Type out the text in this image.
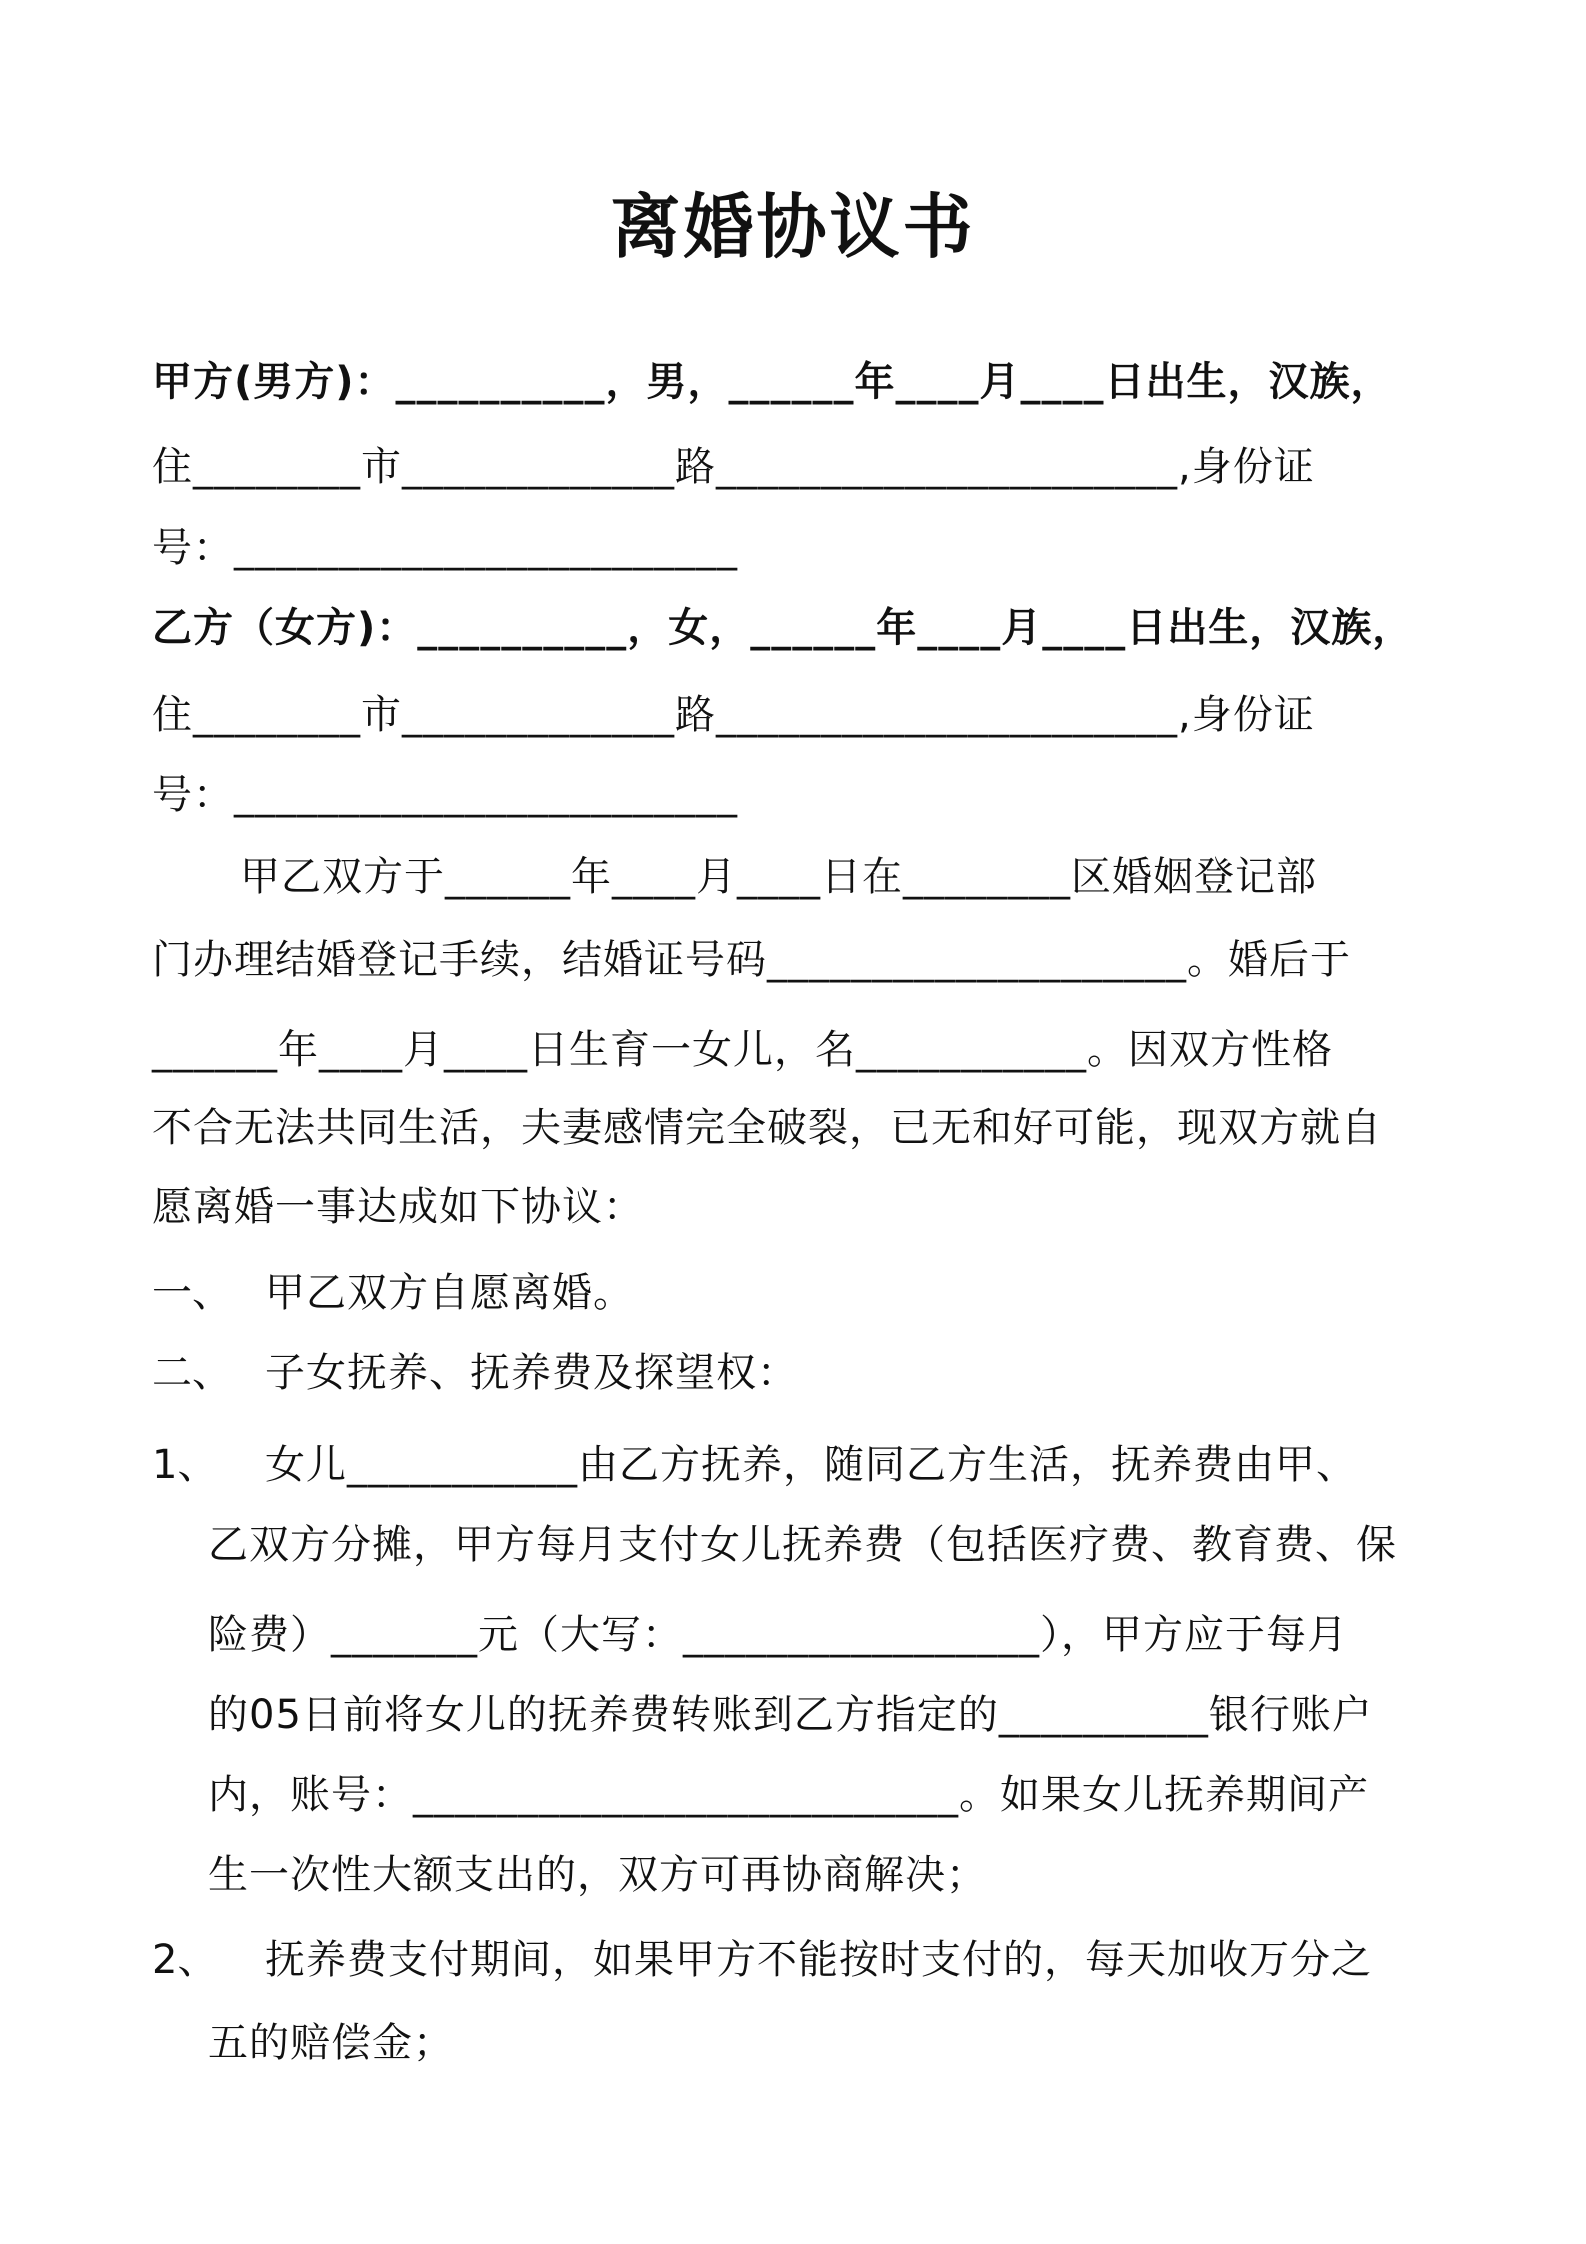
离婚协议书
甲方(男方)：__________，男，______年____月____日出生，汉族，
住________市_____________路______________________,身份证
号：________________________
乙方（女方)：__________，女，______年____月____日出生，汉族，
住________市_____________路______________________,身份证
号：________________________
甲乙双方于______年____月____日在________区婚姻登记部
门办理结婚登记手续，结婚证号码____________________。婚后于
______年____月____日生育一女儿，名___________。因双方性格
不合无法共同生活，夫妻感情完全破裂，已无和好可能，现双方就自
愿离婚一事达成如下协议：
一、 甲乙双方自愿离婚。
二、 子女抚养、抚养费及探望权：
1、 女儿___________由乙方抚养，随同乙方生活，抚养费由甲、
乙双方分摊，甲方每月支付女儿抚养费（包括医疗费、教育费、保
险费）_______元（大写：_________________），甲方应于每月
的05日前将女儿的抚养费转账到乙方指定的__________银行账户
内，账号：__________________________。如果女儿抚养期间产
生一次性大额支出的，双方可再协商解决；
2、 抚养费支付期间，如果甲方不能按时支付的，每天加收万分之
五的赔偿金；
